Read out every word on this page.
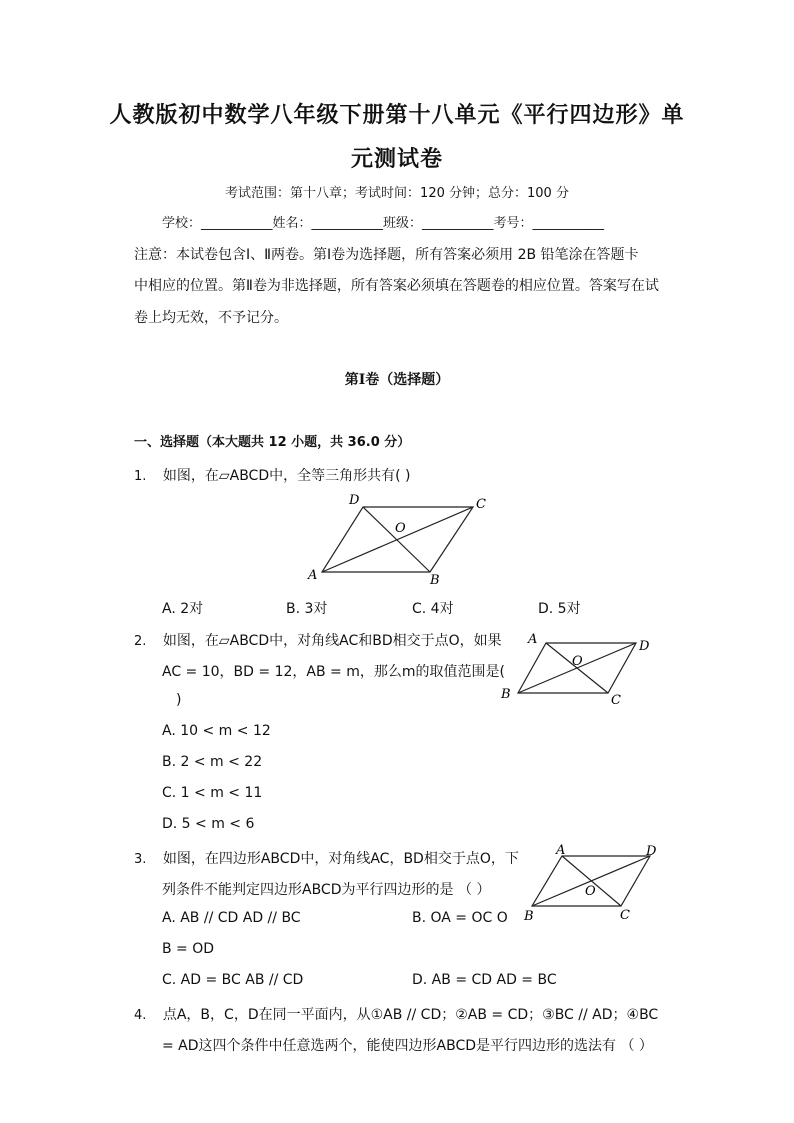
人教版初中数学八年级下册第十八单元《平行四边形》单
元测试卷
考试范围：第十八章；考试时间：120 分钟；总分：100 分
学校：___________姓名：___________班级：___________考号：___________
注意：本试卷包含Ⅰ、Ⅱ两卷。第Ⅰ卷为选择题，所有答案必须用 2B 铅笔涂在答题卡
中相应的位置。第Ⅱ卷为非选择题，所有答案必须填在答题卷的相应位置。答案写在试
卷上均无效，不予记分。
第Ⅰ卷（选择题）
一、选择题（本大题共 12 小题，共 36.0 分）
1. 如图，在▱ABCD中，全等三角形共有( )
D	C
O
A	B
A. 2对	B. 3对	C. 4对	D. 5对
2. 如图，在▱ABCD中，对角线AC和BD相交于点O，如果
AC = 10，BD = 12，AB = m，那么m的取值范围是(
)
A	D
O
B	C
A. 10 < m < 12
B. 2 < m < 22
C. 1 < m < 11
D. 5 < m < 6
3. 如图，在四边形ABCD中，对角线AC，BD相交于点O，下
列条件不能判定四边形ABCD为平行四边形的是 （ ）
A	D
O
B	C
A. AB // CD AD // BC	B. OA = OC O
B = OD
C. AD = BC AB // CD	D. AB = CD AD = BC
4. 点A，B，C，D在同一平面内，从①AB // CD；②AB = CD；③BC // AD；④BC
= AD这四个条件中任意选两个，能使四边形ABCD是平行四边形的选法有 （ ）
